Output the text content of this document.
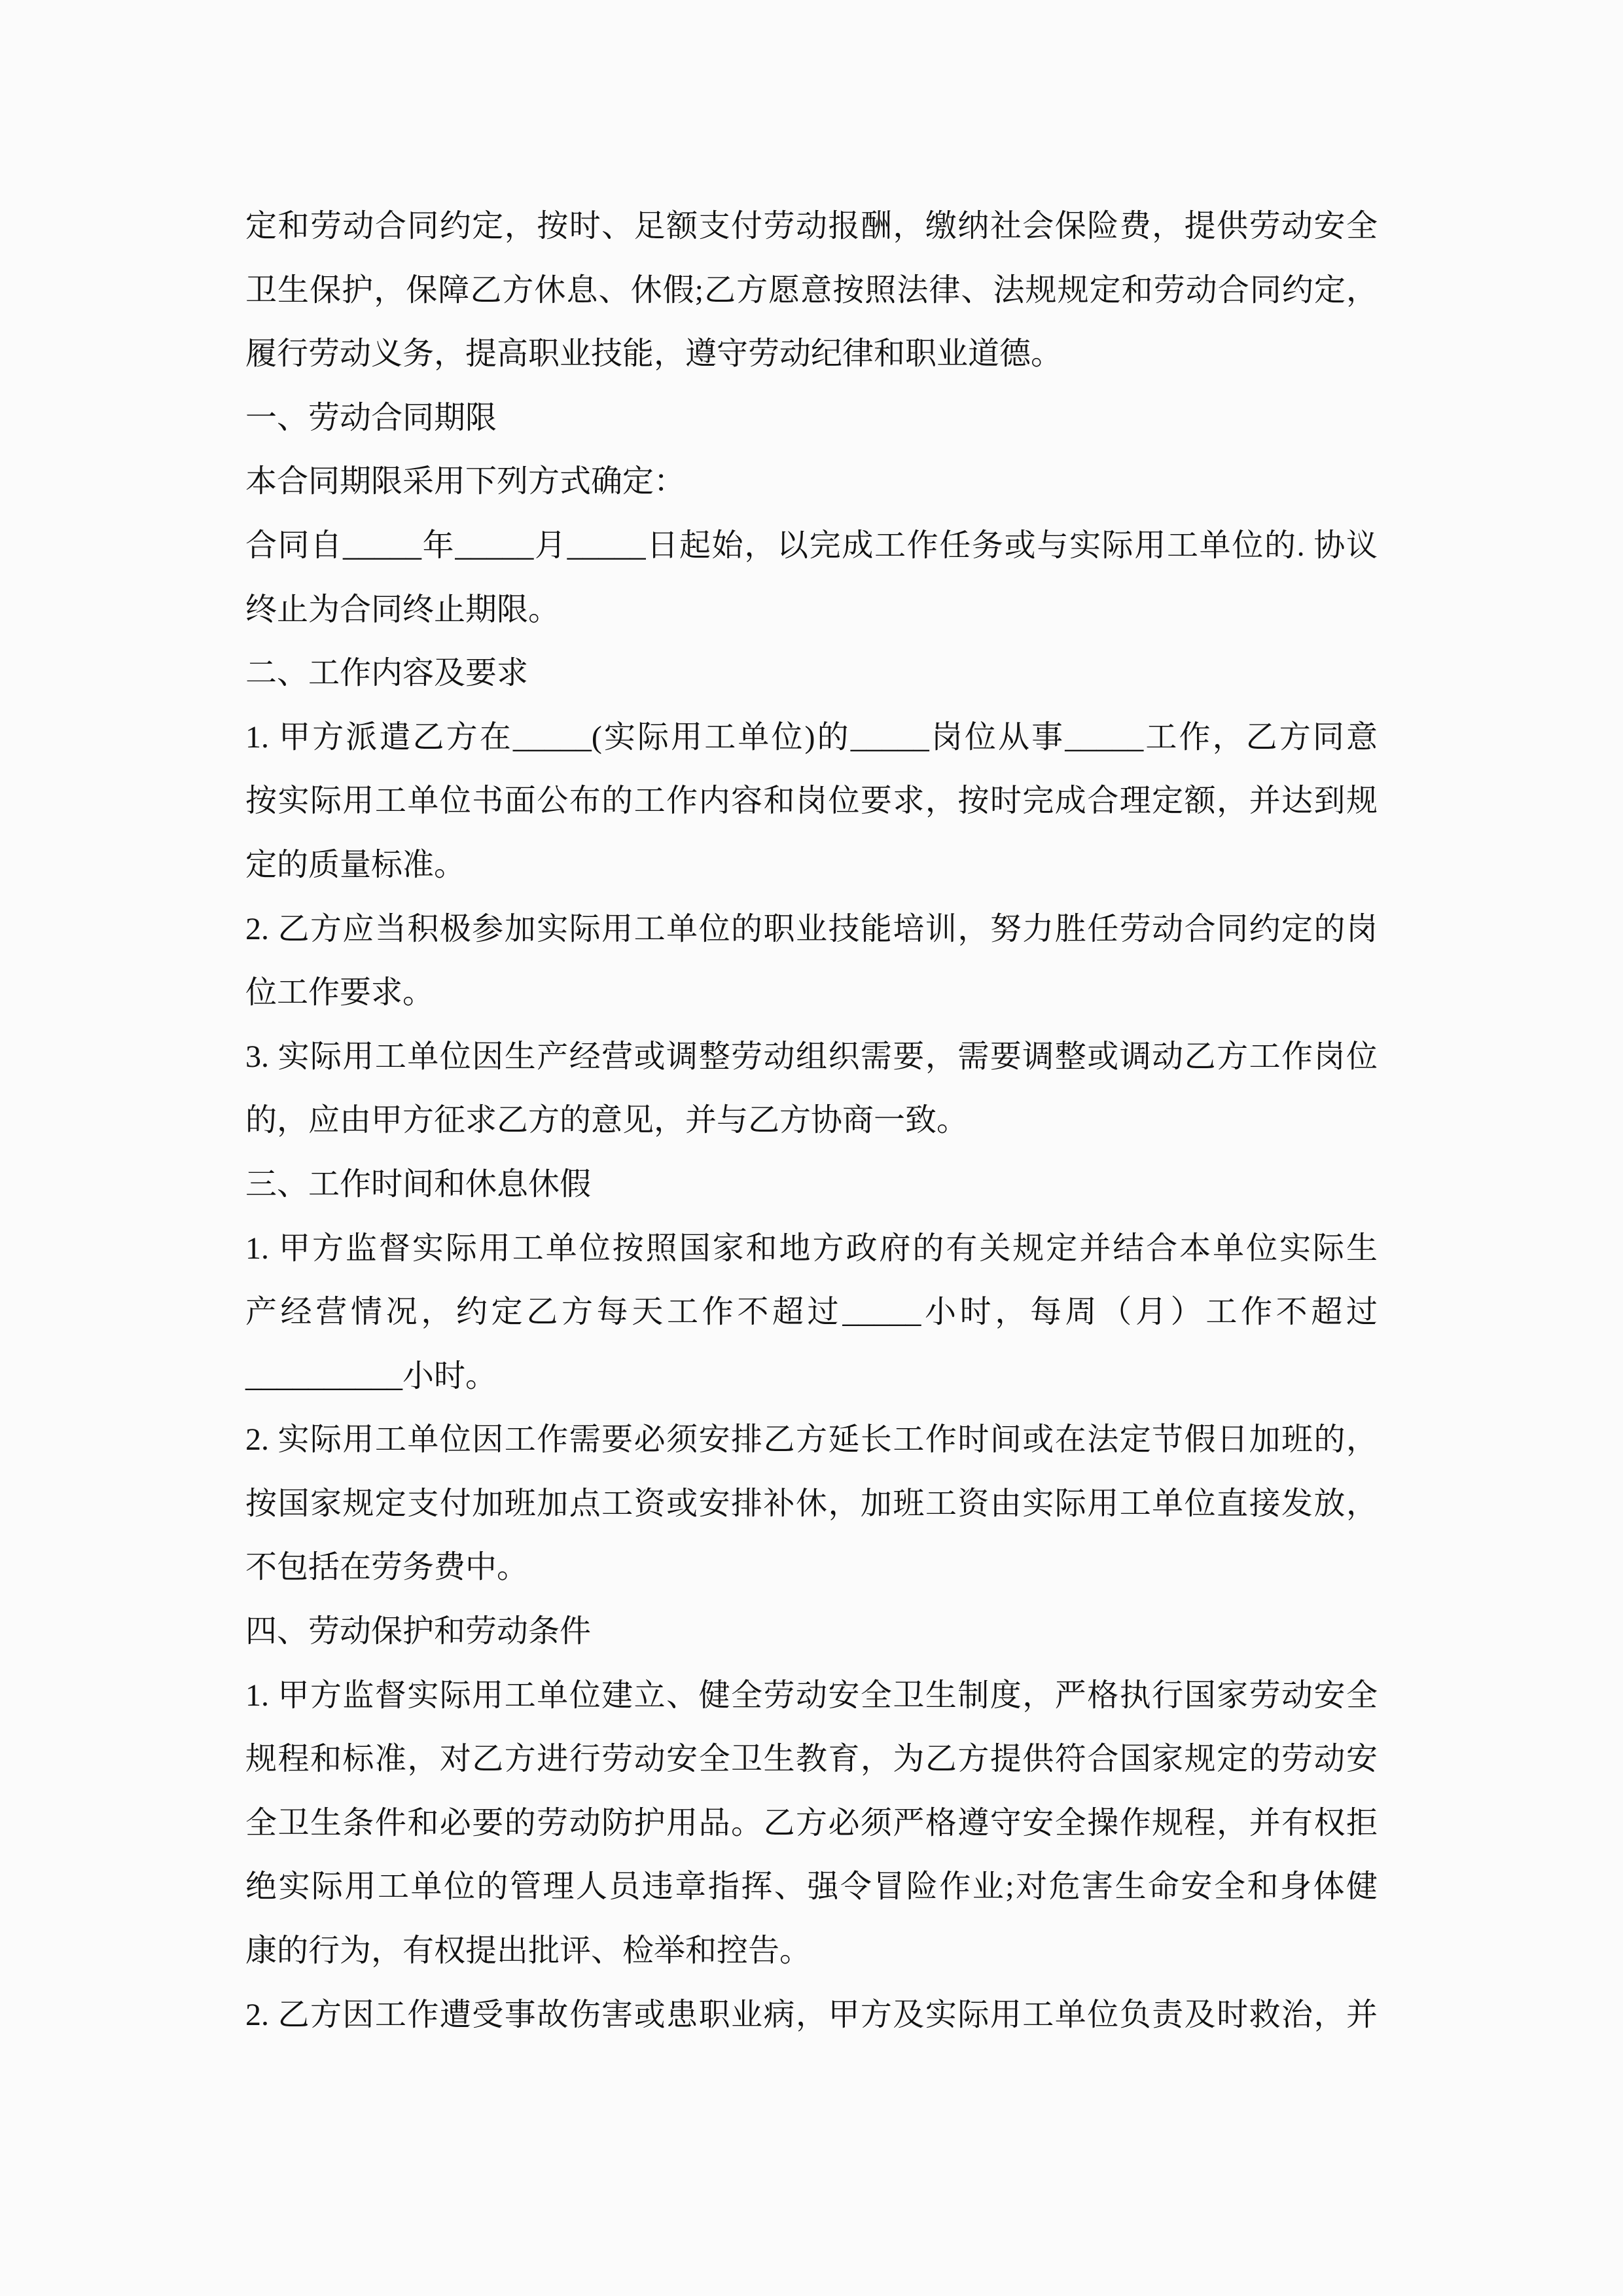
定和劳动合同约定，按时、足额支付劳动报酬，缴纳社会保险费，提供劳动安全
卫生保护，保障乙方休息、休假;乙方愿意按照法律、法规规定和劳动合同约定，
履行劳动义务，提高职业技能，遵守劳动纪律和职业道德。
一、劳动合同期限
本合同期限采用下列方式确定：
合同自_____年_____月_____日起始，以完成工作任务或与实际用工单位的. 协议
终止为合同终止期限。
二、工作内容及要求
1. 甲方派遣乙方在_____(实际用工单位)的_____岗位从事_____工作，乙方同意
按实际用工单位书面公布的工作内容和岗位要求，按时完成合理定额，并达到规
定的质量标准。
2. 乙方应当积极参加实际用工单位的职业技能培训，努力胜任劳动合同约定的岗
位工作要求。
3. 实际用工单位因生产经营或调整劳动组织需要，需要调整或调动乙方工作岗位
的，应由甲方征求乙方的意见，并与乙方协商一致。
三、工作时间和休息休假
1. 甲方监督实际用工单位按照国家和地方政府的有关规定并结合本单位实际生
产经营情况，约定乙方每天工作不超过_____小时，每周（月）工作不超过
__________小时。
2. 实际用工单位因工作需要必须安排乙方延长工作时间或在法定节假日加班的，
按国家规定支付加班加点工资或安排补休，加班工资由实际用工单位直接发放，
不包括在劳务费中。
四、劳动保护和劳动条件
1. 甲方监督实际用工单位建立、健全劳动安全卫生制度，严格执行国家劳动安全
规程和标准，对乙方进行劳动安全卫生教育，为乙方提供符合国家规定的劳动安
全卫生条件和必要的劳动防护用品。乙方必须严格遵守安全操作规程，并有权拒
绝实际用工单位的管理人员违章指挥、强令冒险作业;对危害生命安全和身体健
康的行为，有权提出批评、检举和控告。
2. 乙方因工作遭受事故伤害或患职业病，甲方及实际用工单位负责及时救治，并
